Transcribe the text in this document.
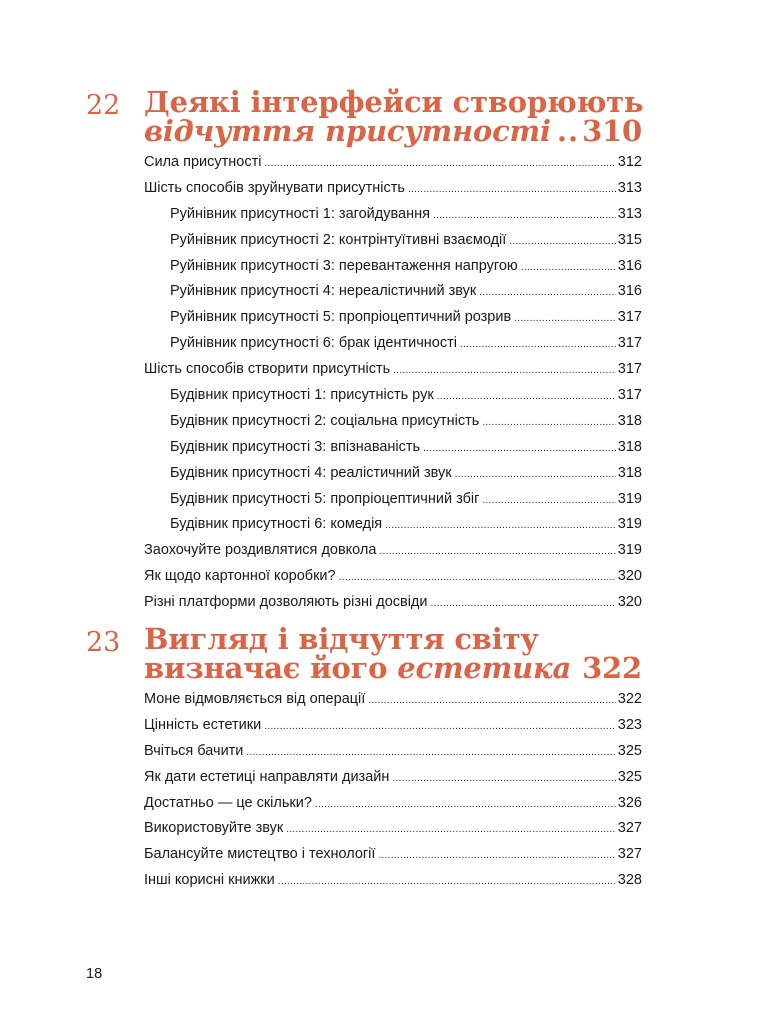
22 Деякі інтерфейси створюють
відчуття присутності ..... 310
Сила присутності .....	312
Шість способів зруйнувати присутність .....	313
Руйнівник присутності 1: загойдування .....	313
Руйнівник присутності 2: контрінтуїтивні взаємодії .....	315
Руйнівник присутності 3: перевантаження напругою .....	316
Руйнівник присутності 4: нереалістичний звук .....	316
Руйнівник присутності 5: пропріоцептичний розрив .....	317
Руйнівник присутності 6: брак ідентичності .....	317
Шість способів створити присутність .....	317
Будівник присутності 1: присутність рук .....	317
Будівник присутності 2: соціальна присутність .....	318
Будівник присутності 3: впізнаваність .....	318
Будівник присутності 4: реалістичний звук .....	318
Будівник присутності 5: пропріоцептичний збіг .....	319
Будівник присутності 6: комедія .....	319
Заохочуйте роздивлятися довкола .....	319
Як щодо картонної коробки? .....	320
Різні платформи дозволяють різні досвіди .....	320
23 Вигляд і відчуття світу
визначає його
естетика ..... 322
Моне відмовляється від операції .....	322
Цінність естетики .....	323
Вчіться бачити .....	325
Як дати естетиці направляти дизайн .....	325
Достатньо — це скільки? .....	326
Використовуйте звук .....	327
Балансуйте мистецтво і технології .....	327
Інші корисні книжки .....	328
18
